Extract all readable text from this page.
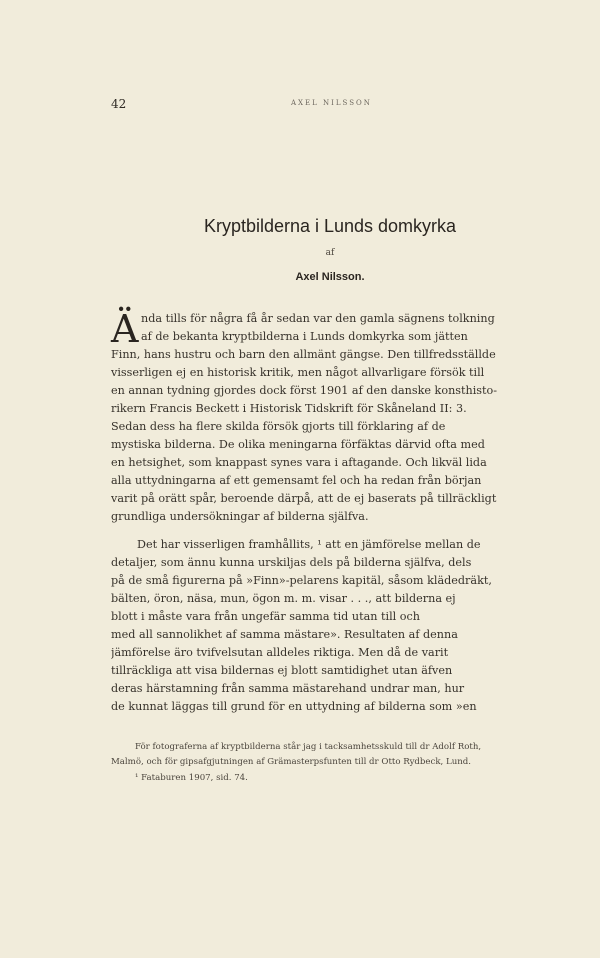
42	AXEL NILSSON
Kryptbilderna i Lunds domkyrka
af
Axel Nilsson.
Ä nda tills för några få år sedan var den gamla sägnens tolkning
af de bekanta kryptbilderna i Lunds domkyrka som jätten
Finn, hans hustru och barn den allmänt gängse. Den tillfredsställde
visserligen ej en historisk kritik, men något allvarligare försök till
en annan tydning gjordes dock först 1901 af den danske konsthisto-
rikern Francis Beckett i Historisk Tidskrift för Skåneland II: 3.
Sedan dess ha flere skilda försök gjorts till förklaring af de
mystiska bilderna. De olika meningarna förfäktas därvid ofta med
en hetsighet, som knappast synes vara i aftagande. Och likväl lida
alla uttydningarna af ett gemensamt fel och ha redan från början
varit på orätt spår, beroende därpå, att de ej baserats på tillräckligt
grundliga undersökningar af bilderna själfva.
Det har visserligen framhållits, ¹ att en jämförelse mellan de
detaljer, som ännu kunna urskiljas dels på bilderna själfva, dels
på de små figurerna på »Finn»-pelarens kapitäl, såsom klädedräkt,
bälten, öron, näsa, mun, ögon m. m. visar . . ., att bilderna ej
blott i måste vara från ungefär samma tid utan till och
med all sannolikhet af samma mästare». Resultaten af denna
jämförelse äro tvifvelsutan alldeles riktiga. Men då de varit
tillräckliga att visa bildernas ej blott samtidighet utan äfven
deras härstamning från samma mästarehand undrar man, hur
de kunnat läggas till grund för en uttydning af bilderna som »en
För fotograferna af kryptbilderna står jag i tacksamhetsskuld till dr Adolf Roth,
Malmö, och för gipsafgjutningen af Grämasterpsfunten till dr Otto Rydbeck, Lund.
¹ Fataburen 1907, sid. 74.
